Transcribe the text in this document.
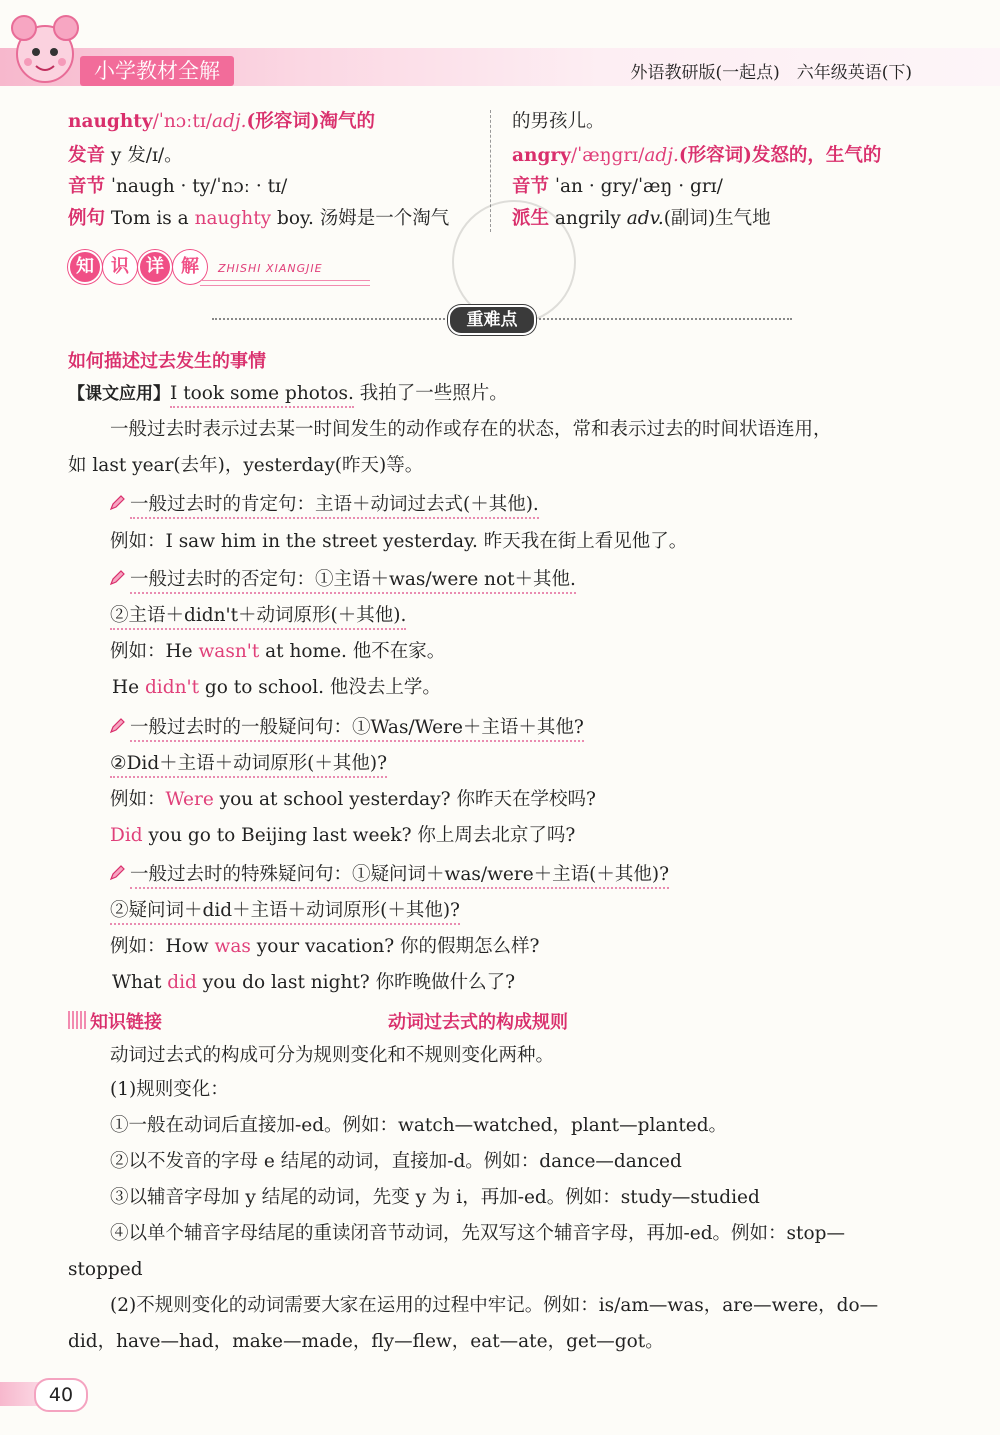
小学教材全解	外语教研版(一起点)　六年级英语(下)
naughty/ˈnɔːtɪ/adj.(形容词)淘气的
发音 y 发/ɪ/。
音节 ˈnaugh · ty/ˈnɔː · tɪ/
例句 Tom is a naughty boy. 汤姆是一个淘气
的男孩儿。
angry/ˈæŋgrɪ/adj.(形容词)发怒的，生气的
音节 ˈan · gry/ˈæŋ · grɪ/
派生 angrily adv.(副词)生气地
知 识 详 解	ZHISHI XIANGJIE
重难点
如何描述过去发生的事情
【课文应用】I took some photos. 我拍了一些照片。
一般过去时表示过去某一时间发生的动作或存在的状态，常和表示过去的时间状语连用，
如 last year(去年)，yesterday(昨天)等。
一般过去时的肯定句：主语＋动词过去式(＋其他).
例如：I saw him in the street yesterday. 昨天我在街上看见他了。
一般过去时的否定句：①主语＋was/were not＋其他.
②主语＋didn't＋动词原形(＋其他).
例如：He wasn't at home. 他不在家。
He didn't go to school. 他没去上学。
一般过去时的一般疑问句：①Was/Were＋主语＋其他?
②Did＋主语＋动词原形(＋其他)?
例如：Were you at school yesterday? 你昨天在学校吗?
Did you go to Beijing last week? 你上周去北京了吗?
一般过去时的特殊疑问句：①疑问词＋was/were＋主语(＋其他)?
②疑问词＋did＋主语＋动词原形(＋其他)?
例如：How was your vacation? 你的假期怎么样?
What did you do last night? 你昨晚做什么了?
知识链接	动词过去式的构成规则
动词过去式的构成可分为规则变化和不规则变化两种。
(1)规则变化：
①一般在动词后直接加-ed。例如：watch—watched，plant—planted。
②以不发音的字母 e 结尾的动词，直接加-d。例如：dance—danced
③以辅音字母加 y 结尾的动词，先变 y 为 i，再加-ed。例如：study—studied
④以单个辅音字母结尾的重读闭音节动词，先双写这个辅音字母，再加-ed。例如：stop—
stopped
(2)不规则变化的动词需要大家在运用的过程中牢记。例如：is/am—was，are—were，do—
did，have—had，make—made，fly—flew，eat—ate，get—got。
40
